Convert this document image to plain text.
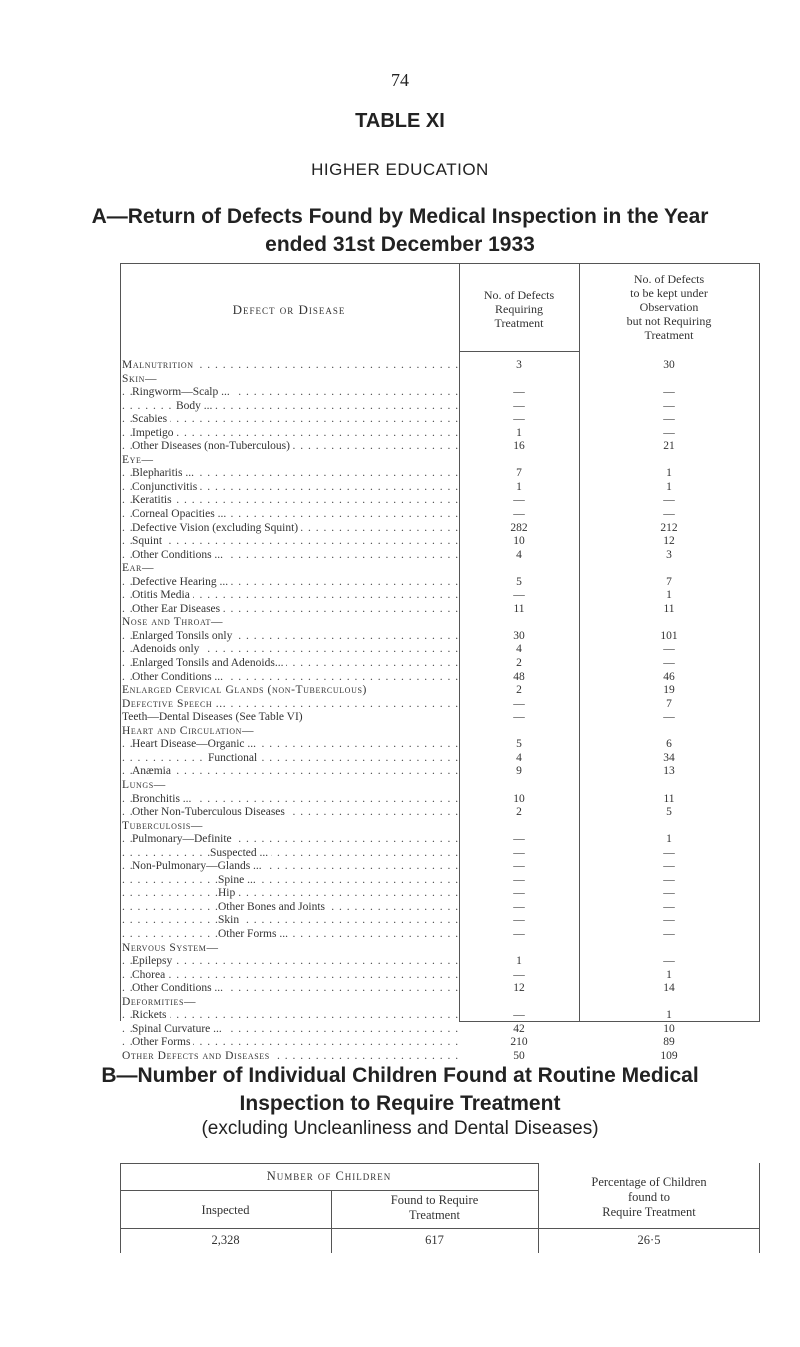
74
TABLE XI
HIGHER EDUCATION
A—Return of Defects Found by Medical Inspection in the Year
ended 31st December 1933
Defect or Disease
No. of Defects
Requiring
Treatment
No. of Defects
to be kept under
Observation
but not Requiring
Treatment
Malnutrition . . .	3	30
Skin—
Ringworm—Scalp ... . . .	—	—
Body ... . . .	—	—
Scabies . . .	—	—
Impetigo . . .	1	—
Other Diseases (non-Tuberculous) . . .	16	21
Eye—
Blepharitis ... . . .	7	1
Conjunctivitis . . .	1	1
Keratitis . . .	—	—
Corneal Opacities ... . . .	—	—
Defective Vision (excluding Squint) . . .	282	212
Squint . . .	10	12
Other Conditions ... . . .	4	3
Ear—
Defective Hearing ... . . .	5	7
Otitis Media . . .	—	1
Other Ear Diseases . . .	11	11
Nose and Throat—
Enlarged Tonsils only . . .	30	101
Adenoids only . . .	4	—
Enlarged Tonsils and Adenoids... . . .	2	—
Other Conditions ... . . .	48	46
Enlarged Cervical Glands (non-Tuberculous)	2	19
Defective Speech ... . . .	—	7
Teeth—Dental Diseases (See Table VI)	—	—
Heart and Circulation—
Heart Disease—Organic ... . . .	5	6
Functional . . .	4	34
Anæmia . . .	9	13
Lungs—
Bronchitis ... . . .	10	11
Other Non-Tuberculous Diseases . . .	2	5
Tuberculosis—
Pulmonary—Definite . . .	—	1
Suspected ... . . .	—	—
Non-Pulmonary—Glands ... . . .	—	—
Spine ... . . .	—	—
Hip . . .	—	—
Other Bones and Joints . . .	—	—
Skin . . .	—	—
Other Forms ... . . .	—	—
Nervous System—
Epilepsy . . .	1	—
Chorea . . .	—	1
Other Conditions ... . . .	12	14
Deformities—
Rickets . . .	—	1
Spinal Curvature ... . . .	42	10
Other Forms . . .	210	89
Other Defects and Diseases . . .	50	109
B—Number of Individual Children Found at Routine Medical
Inspection to Require Treatment
(excluding Uncleanliness and Dental Diseases)
Number of Children
Inspected
Found to Require
Treatment
Percentage of Children
found to
Require Treatment
2,328	617	26·5
